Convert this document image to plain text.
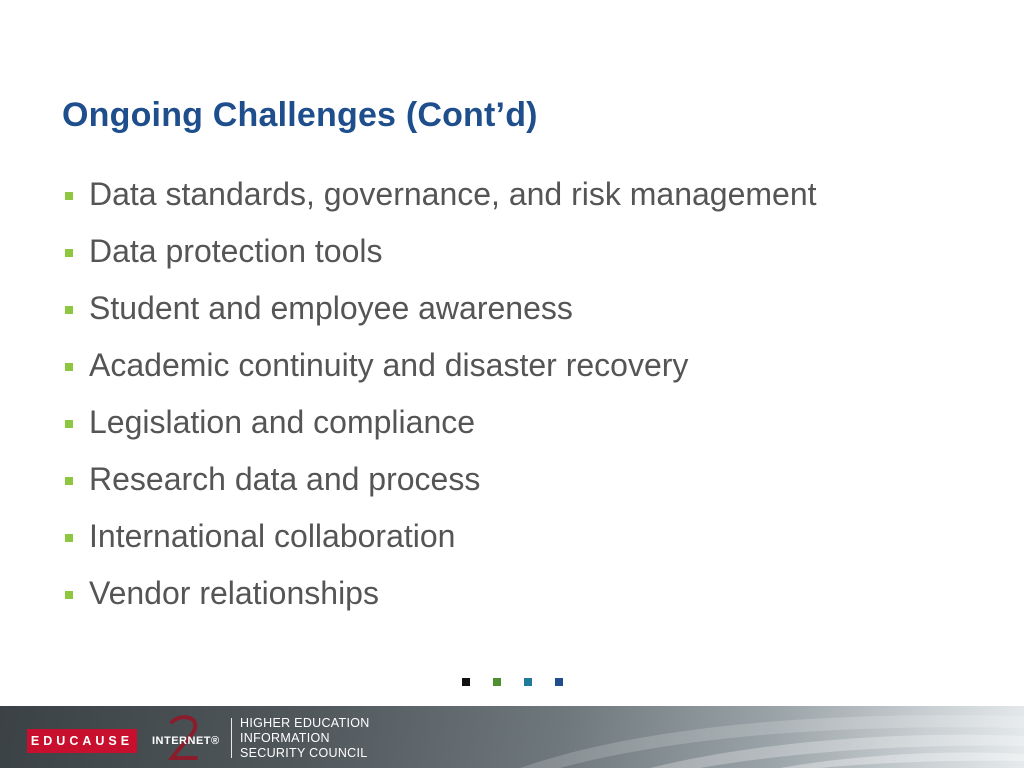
Ongoing Challenges (Cont’d)
Data standards, governance, and risk management
Data protection tools
Student and employee awareness
Academic continuity and disaster recovery
Legislation and compliance
Research data and process
International collaboration
Vendor relationships
EDUCAUSE	INTERNET®
HIGHER EDUCATION
INFORMATION
SECURITY COUNCIL
